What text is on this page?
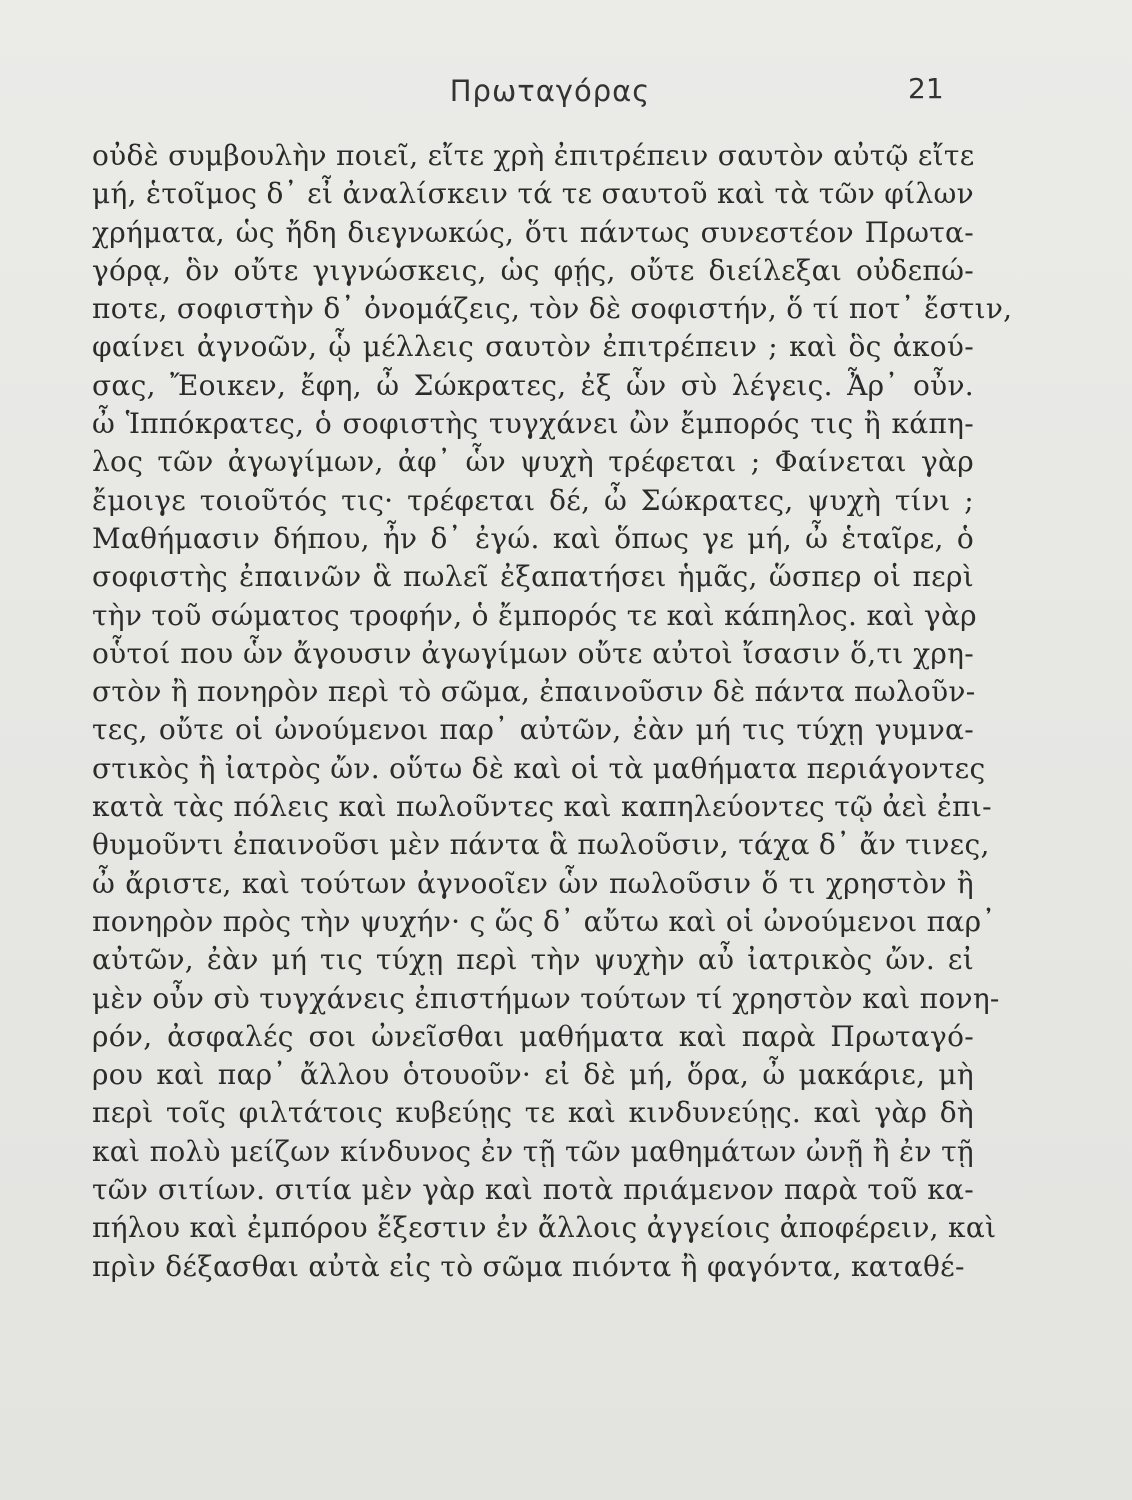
Πρωταγόρας	21
οὐδὲ συμβουλὴν ποιεῖ, εἴτε χρὴ ἐπιτρέπειν σαυτὸν αὐτῷ εἴτε
μή, ἑτοῖμος δ᾿ εἶ ἀναλίσκειν τά τε σαυτοῦ καὶ τὰ τῶν φίλων
χρήματα, ὡς ἤδη διεγνωκώς, ὅτι πάντως συνεστέον Πρωτα-
γόρᾳ, ὃν οὔτε γιγνώσκεις, ὡς φῄς, οὔτε διείλεξαι οὐδεπώ-
ποτε, σοφιστὴν δ᾿ ὀνομάζεις, τὸν δὲ σοφιστήν, ὅ τί ποτ᾿ ἔστιν,
φαίνει ἀγνοῶν, ᾧ μέλλεις σαυτὸν ἐπιτρέπειν ; καὶ ὃς ἀκού-
σας, Ἔοικεν, ἔφη, ὦ Σώκρατες, ἐξ ὧν σὺ λέγεις. Ἆρ᾿ οὖν.
ὦ Ἱππόκρατες, ὁ σοφιστὴς τυγχάνει ὢν ἔμπορός τις ἢ κάπη-
λος τῶν ἀγωγίμων, ἀφ᾿ ὧν ψυχὴ τρέφεται ; Φαίνεται γὰρ
ἔμοιγε τοιοῦτός τις· τρέφεται δέ, ὦ Σώκρατες, ψυχὴ τίνι ;
Μαθήμασιν δήπου, ἦν δ᾿ ἐγώ. καὶ ὅπως γε μή, ὦ ἑταῖρε, ὁ
σοφιστὴς ἐπαινῶν ἃ πωλεῖ ἐξαπατήσει ἡμᾶς, ὥσπερ οἱ περὶ
τὴν τοῦ σώματος τροφήν, ὁ ἔμπορός τε καὶ κάπηλος. καὶ γὰρ
οὗτοί που ὧν ἄγουσιν ἀγωγίμων οὔτε αὐτοὶ ἴσασιν ὅ,τι χρη-
στὸν ἢ πονηρὸν περὶ τὸ σῶμα, ἐπαινοῦσιν δὲ πάντα πωλοῦν-
τες, οὔτε οἱ ὠνούμενοι παρ᾿ αὐτῶν, ἐὰν μή τις τύχῃ γυμνα-
στικὸς ἢ ἰατρὸς ὤν. οὕτω δὲ καὶ οἱ τὰ μαθήματα περιάγοντες
κατὰ τὰς πόλεις καὶ πωλοῦντες καὶ καπηλεύοντες τῷ ἀεὶ ἐπι-
θυμοῦντι ἐπαινοῦσι μὲν πάντα ἃ πωλοῦσιν, τάχα δ᾿ ἄν τινες,
ὦ ἄριστε, καὶ τούτων ἀγνοοῖεν ὧν πωλοῦσιν ὅ τι χρηστὸν ἢ
πονηρὸν πρὸς τὴν ψυχήν· ς ὥς δ᾿ αὔτω καὶ οἱ ὠνούμενοι παρ᾿
αὐτῶν, ἐὰν μή τις τύχῃ περὶ τὴν ψυχὴν αὖ ἰατρικὸς ὤν. εἰ
μὲν οὖν σὺ τυγχάνεις ἐπιστήμων τούτων τί χρηστὸν καὶ πονη-
ρόν, ἀσφαλές σοι ὠνεῖσθαι μαθήματα καὶ παρὰ Πρωταγό-
ρου καὶ παρ᾿ ἄλλου ὁτουοῦν· εἰ δὲ μή, ὅρα, ὦ μακάριε, μὴ
περὶ τοῖς φιλτάτοις κυβεύῃς τε καὶ κινδυνεύῃς. καὶ γὰρ δὴ
καὶ πολὺ μείζων κίνδυνος ἐν τῇ τῶν μαθημάτων ὠνῇ ἢ ἐν τῇ
τῶν σιτίων. σιτία μὲν γὰρ καὶ ποτὰ πριάμενον παρὰ τοῦ κα-
πήλου καὶ ἐμπόρου ἔξεστιν ἐν ἄλλοις ἀγγείοις ἀποφέρειν, καὶ
πρὶν δέξασθαι αὐτὰ εἰς τὸ σῶμα πιόντα ἢ φαγόντα, καταθέ-
